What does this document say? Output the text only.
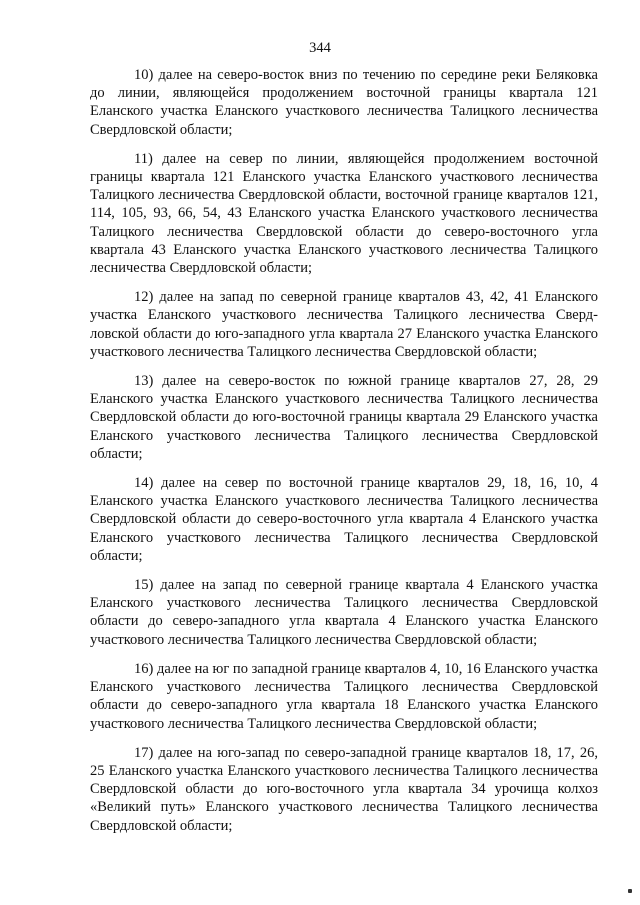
344

10) далее на северо-восток вниз по течению по середине реки Беляковка до линии, являющейся продолжением восточной границы квартала 121 Еланского участка Еланского участкового лесничества Талицкого лесничества Свердловской области;

11) далее на север по линии, являющейся продолжением восточной границы квартала 121 Еланского участка Еланского участкового лесничества Талицкого лесничества Свердловской области, восточной границе кварталов 121, 114, 105, 93, 66, 54, 43 Еланского участка Еланского участкового лесничества Талицкого лесничества Свердловской области до северо-восточного угла квартала 43 Еланского участка Еланского участкового лесничества Талицкого лесничества Свердловской области;

12) далее на запад по северной границе кварталов 43, 42, 41 Еланского участка Еланского участкового лесничества Талицкого лесничества Свердловской области до юго-западного угла квартала 27 Еланского участка Еланского участкового лесничества Талицкого лесничества Свердловской области;

13) далее на северо-восток по южной границе кварталов 27, 28, 29 Еланского участка Еланского участкового лесничества Талицкого лесничества Свердловской области до юго-восточной границы квартала 29 Еланского участка Еланского участкового лесничества Талицкого лесничества Свердловской области;

14) далее на север по восточной границе кварталов 29, 18, 16, 10, 4 Еланского участка Еланского участкового лесничества Талицкого лесничества Свердловской области до северо-восточного угла квартала 4 Еланского участка Еланского участкового лесничества Талицкого лесничества Свердловской области;

15) далее на запад по северной границе квартала 4 Еланского участка Еланского участкового лесничества Талицкого лесничества Свердловской области до северо-западного угла квартала 4 Еланского участка Еланского участкового лесничества Талицкого лесничества Свердловской области;

16) далее на юг по западной границе кварталов 4, 10, 16 Еланского участка Еланского участкового лесничества Талицкого лесничества Свердловской области до северо-западного угла квартала 18 Еланского участка Еланского участкового лесничества Талицкого лесничества Свердловской области;

17) далее на юго-запад по северо-западной границе кварталов 18, 17, 26, 25 Еланского участка Еланского участкового лесничества Талицкого лесничества Свердловской области до юго-восточного угла квартала 34 урочища колхоз «Великий путь» Еланского участкового лесничества Талицкого лесничества Свердловской области;
